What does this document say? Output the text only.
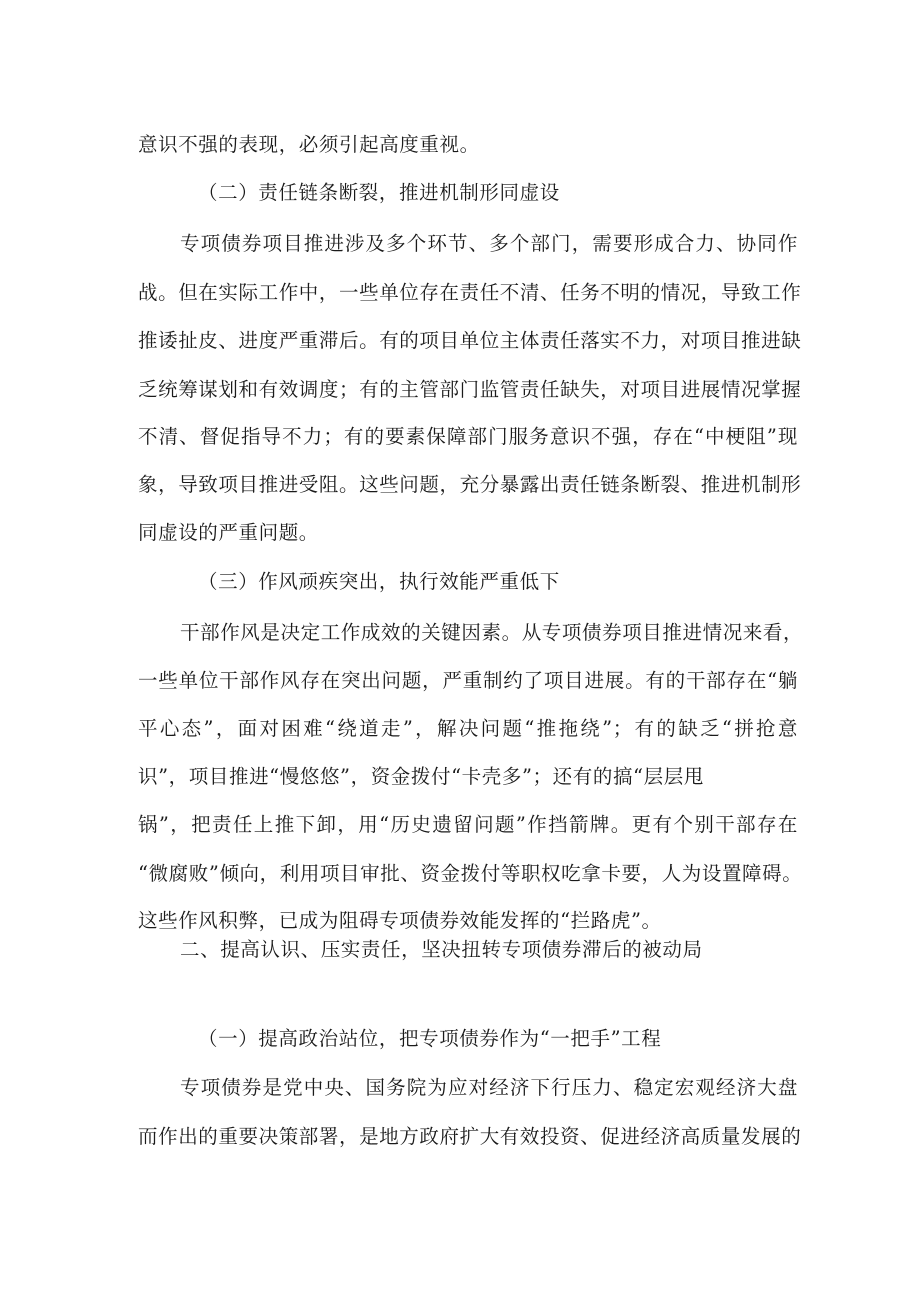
意识不强的表现，必须引起高度重视。
（二）责任链条断裂，推进机制形同虚设
专项债券项目推进涉及多个环节、多个部门，需要形成合力、协同作
战。但在实际工作中，一些单位存在责任不清、任务不明的情况，导致工作
推诿扯皮、进度严重滞后。有的项目单位主体责任落实不力，对项目推进缺
乏统筹谋划和有效调度；有的主管部门监管责任缺失，对项目进展情况掌握
不清、督促指导不力；有的要素保障部门服务意识不强，存在“中梗阻”现
象，导致项目推进受阻。这些问题，充分暴露出责任链条断裂、推进机制形
同虚设的严重问题。
（三）作风顽疾突出，执行效能严重低下
干部作风是决定工作成效的关键因素。从专项债券项目推进情况来看，
一些单位干部作风存在突出问题，严重制约了项目进展。有的干部存在“躺
平心态”，面对困难“绕道走”，解决问题“推拖绕”；有的缺乏“拼抢意
识”，项目推进“慢悠悠”，资金拨付“卡壳多”；还有的搞“层层甩
锅”，把责任上推下卸，用“历史遗留问题”作挡箭牌。更有个别干部存在
“微腐败”倾向，利用项目审批、资金拨付等职权吃拿卡要，人为设置障碍。
这些作风积弊，已成为阻碍专项债券效能发挥的“拦路虎”。
二、提高认识、压实责任，坚决扭转专项债券滞后的被动局
（一）提高政治站位，把专项债券作为“一把手”工程
专项债券是党中央、国务院为应对经济下行压力、稳定宏观经济大盘
而作出的重要决策部署，是地方政府扩大有效投资、促进经济高质量发展的
